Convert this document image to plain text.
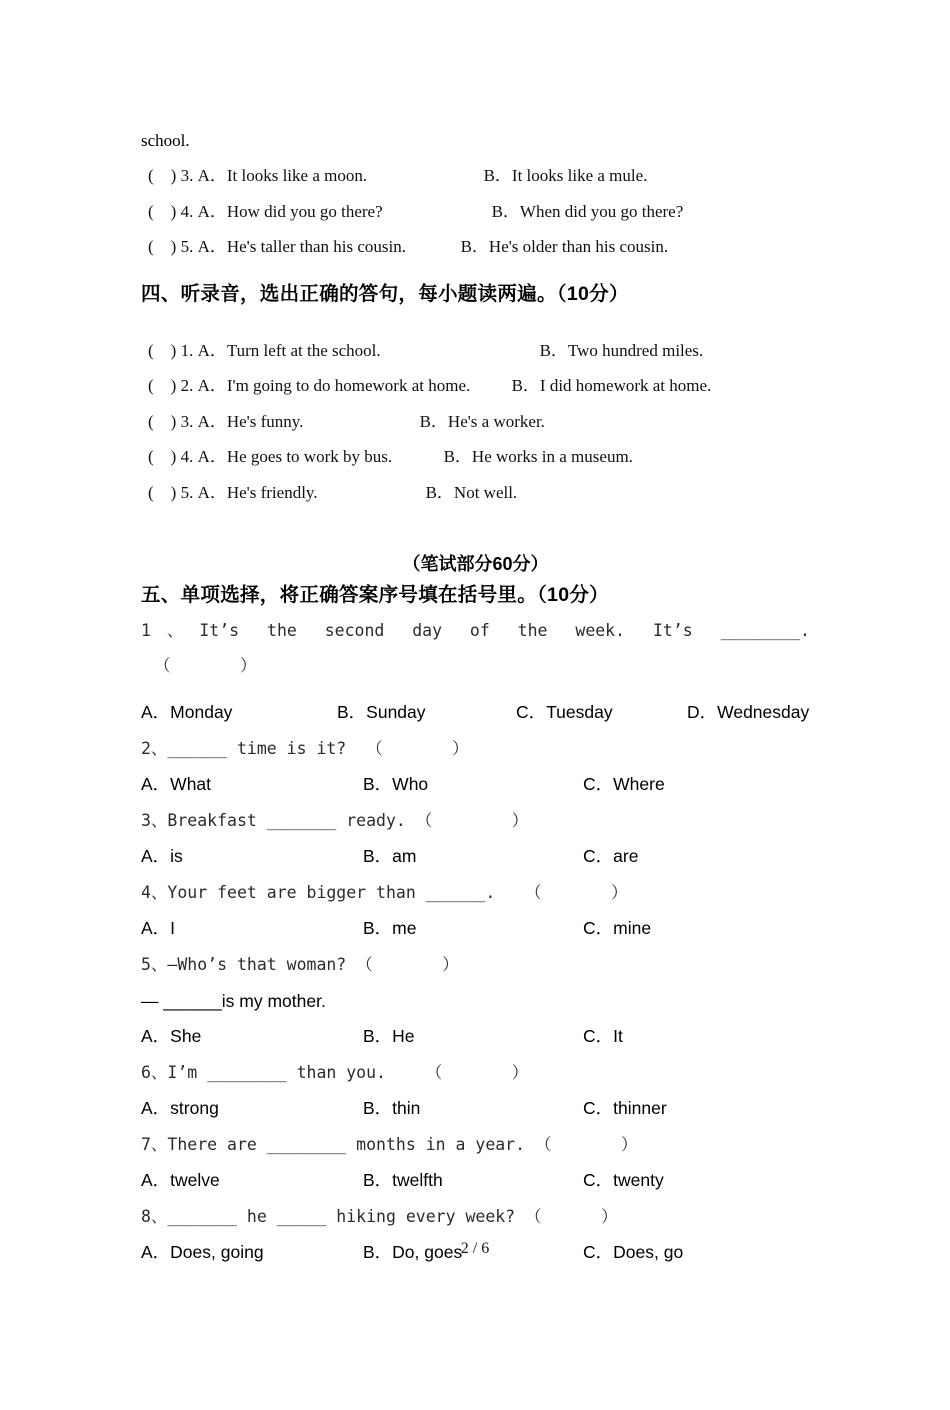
school.
(    ) 3. A．It looks like a moon.	B．It looks like a mule.
(    ) 4. A．How did you go there?	B．When did you go there?
(    ) 5. A．He's taller than his cousin.	B．He's older than his cousin.
四、听录音，选出正确的答句，每小题读两遍。（10分）
(    ) 1. A．Turn left at the school.	B．Two hundred miles.
(    ) 2. A．I'm going to do homework at home. B．I did homework at home.
(    ) 3. A．He's funny.	B．He's a worker.
(    ) 4. A．He goes to work by bus.	B．He works in a museum.
(    ) 5. A．He's friendly.	B．Not well.
（笔试部分60分）
五、单项选择，将正确答案序号填在括号里。（10分）
1、It’s the second day of the week. It’s ________.
（       ）

A．Monday

	B．Sunday

	C．Tuesday

	D．Wednesday

2、______ time is it?  （       ）

A．What

	B．Who

	C．Where

3、Breakfast _______ ready. （        ）

A．is

	B．am

	C．are

4、Your feet are bigger than ______.   （       ）

A．I

	B．me

	C．mine

5、—Who’s that woman? （       ）
— ______is my mother.

A．She

	B．He

	C．It

6、I’m ________ than you.    （       ）

A．strong

	B．thin

	C．thinner

7、There are ________ months in a year. （       ）

A．twelve

	B．twelfth

	C．twenty

8、_______ he _____ hiking every week? （      ）

A．Does, going

	B．Do, goes

	C．Does, go

2 / 6
